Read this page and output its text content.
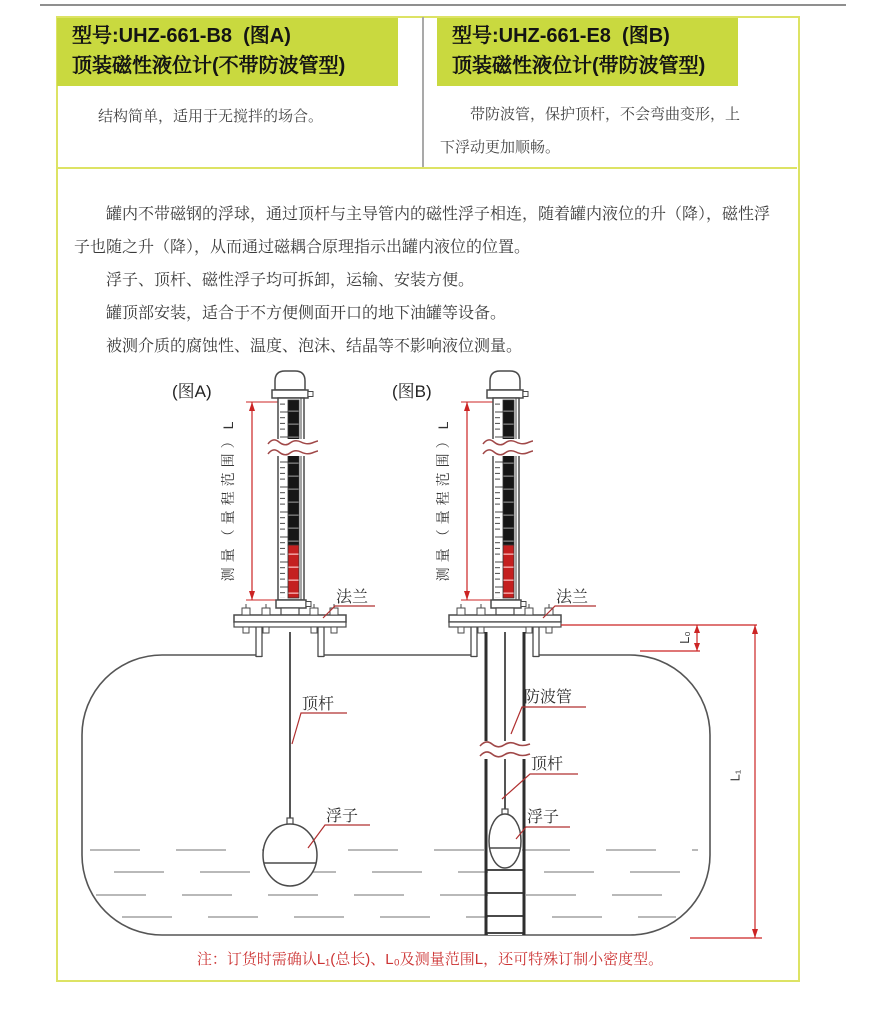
型号:UHZ-661-B8  (图A)
顶装磁性液位计(不带防波管型)
结构简单，适用于无搅拌的场合。
型号:UHZ-661-E8  (图B)
顶装磁性液位计(带防波管型)
带防波管，保护顶杆，不会弯曲变形，上下浮动更加顺畅。

罐内不带磁钢的浮球，通过顶杆与主导管内的磁性浮子相连，随着罐内液位的升（降），磁性浮子也随之升（降），从而通过磁耦合原理指示出罐内液位的位置。

浮子、顶杆、磁性浮子均可拆卸，运输、安装方便。

罐顶部安装，适合于不方便侧面开口的地下油罐等设备。

被测介质的腐蚀性、温度、泡沫、结晶等不影响液位测量。

(图A)	(图B)
测量（量程范围）L	测量（量程范围）L
法兰	法兰
顶杆
浮子
防波管
顶杆
浮子
L₀
L₁
注：订货时需确认L₁(总长)、L₀及测量范围L，还可特殊订制小密度型。
